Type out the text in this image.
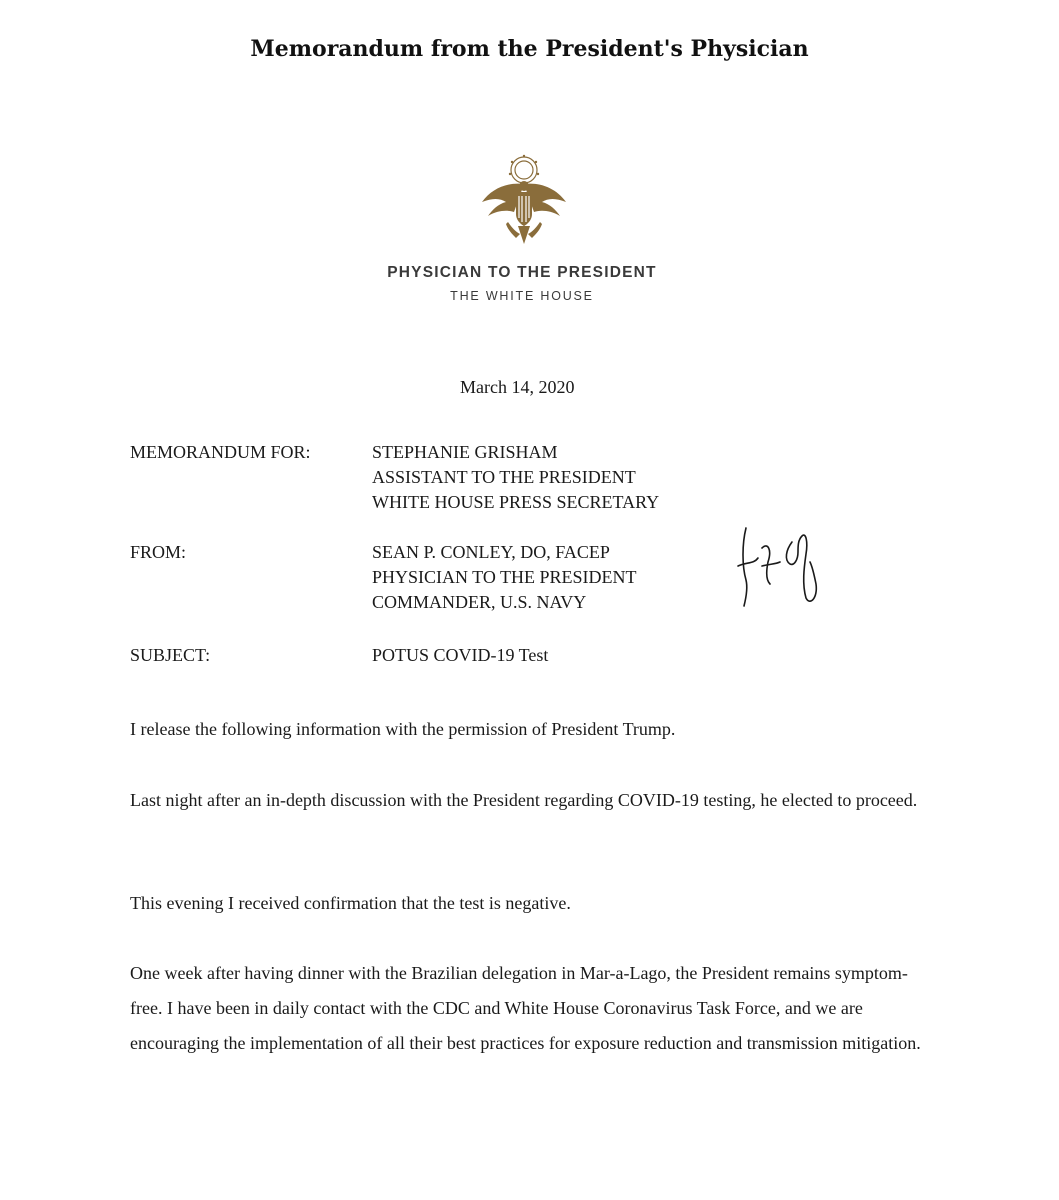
Memorandum from the President's Physician
PHYSICIAN TO THE PRESIDENT
THE WHITE HOUSE
March 14, 2020
MEMORANDUM FOR:	STEPHANIE GRISHAM
ASSISTANT TO THE PRESIDENT
WHITE HOUSE PRESS SECRETARY
FROM:	SEAN P. CONLEY, DO, FACEP
PHYSICIAN TO THE PRESIDENT
COMMANDER, U.S. NAVY
SUBJECT:	POTUS COVID-19 Test
I release the following information with the permission of President Trump.
Last night after an in-depth discussion with the President regarding COVID-19 testing, he elected to proceed.
This evening I received confirmation that the test is negative.
One week after having dinner with the Brazilian delegation in Mar-a-Lago, the President remains symptom-free. I have been in daily contact with the CDC and White House Coronavirus Task Force, and we are encouraging the implementation of all their best practices for exposure reduction and transmission mitigation.
